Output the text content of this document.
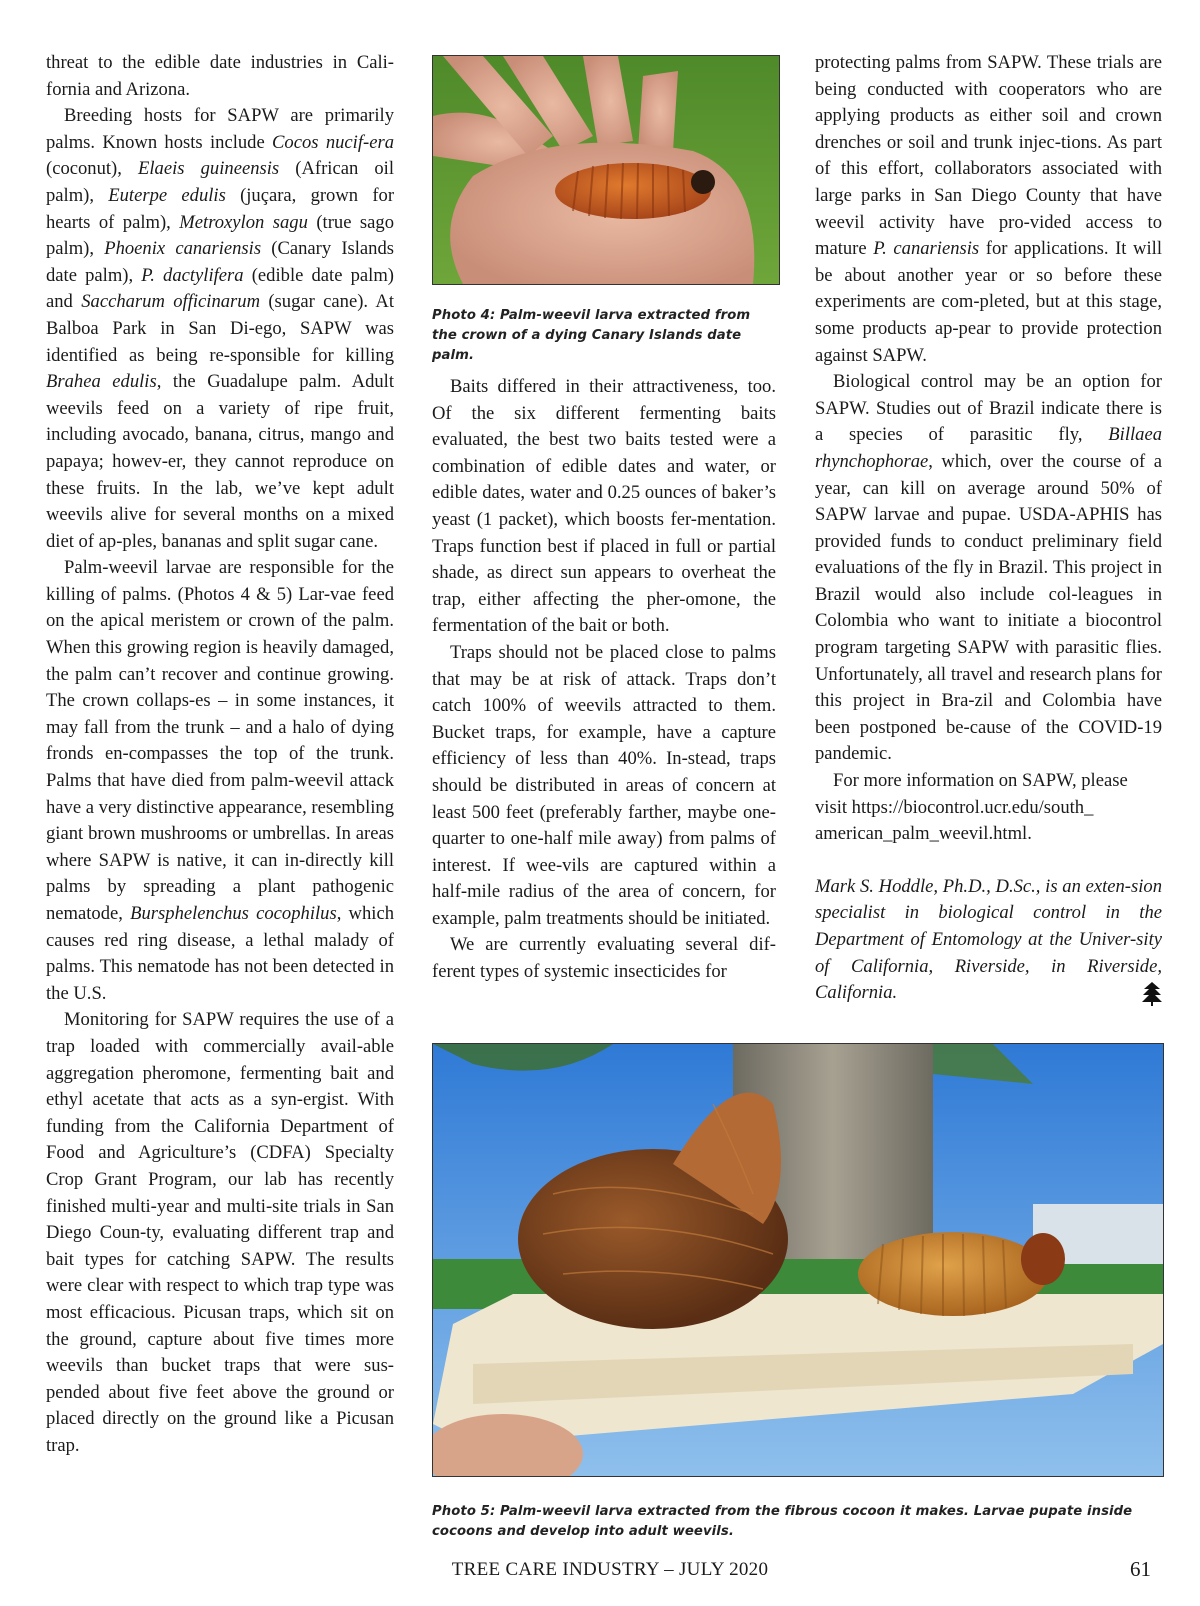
threat to the edible date industries in Cali-fornia and Arizona.

Breeding hosts for SAPW are primarily palms. Known hosts include Cocos nucif-era (coconut), Elaeis guineensis (African oil palm), Euterpe edulis (juçara, grown for hearts of palm), Metroxylon sagu (true sago palm), Phoenix canariensis (Canary Islands date palm), P. dactylifera (edible date palm) and Saccharum officinarum (sugar cane). At Balboa Park in San Di-ego, SAPW was identified as being re-sponsible for killing Brahea edulis, the Guadalupe palm. Adult weevils feed on a variety of ripe fruit, including avocado, banana, citrus, mango and papaya; howev-er, they cannot reproduce on these fruits. In the lab, we’ve kept adult weevils alive for several months on a mixed diet of ap-ples, bananas and split sugar cane.

Palm-weevil larvae are responsible for the killing of palms. (Photos 4 & 5) Lar-vae feed on the apical meristem or crown of the palm. When this growing region is heavily damaged, the palm can’t recover and continue growing. The crown collaps-es – in some instances, it may fall from the trunk – and a halo of dying fronds en-compasses the top of the trunk. Palms that have died from palm-weevil attack have a very distinctive appearance, resembling giant brown mushrooms or umbrellas. In areas where SAPW is native, it can in-directly kill palms by spreading a plant pathogenic nematode, Bursphelenchus cocophilus, which causes red ring disease, a lethal malady of palms. This nematode has not been detected in the U.S.

Monitoring for SAPW requires the use of a trap loaded with commercially avail-able aggregation pheromone, fermenting bait and ethyl acetate that acts as a syn-ergist. With funding from the California Department of Food and Agriculture’s (CDFA) Specialty Crop Grant Program, our lab has recently finished multi-year and multi-site trials in San Diego Coun-ty, evaluating different trap and bait types for catching SAPW. The results were clear with respect to which trap type was most efficacious. Picusan traps, which sit on the ground, capture about five times more weevils than bucket traps that were sus-pended about five feet above the ground or placed directly on the ground like a Picusan trap.

Photo 4: Palm-weevil larva extracted from the crown of a dying Canary Islands date palm.

Baits differed in their attractiveness, too. Of the six different fermenting baits evaluated, the best two baits tested were a combination of edible dates and water, or edible dates, water and 0.25 ounces of baker’s yeast (1 packet), which boosts fer-mentation. Traps function best if placed in full or partial shade, as direct sun appears to overheat the trap, either affecting the pher-omone, the fermentation of the bait or both.

Traps should not be placed close to palms that may be at risk of attack. Traps don’t catch 100% of weevils attracted to them. Bucket traps, for example, have a capture efficiency of less than 40%. In-stead, traps should be distributed in areas of concern at least 500 feet (preferably farther, maybe one-quarter to one-half mile away) from palms of interest. If wee-vils are captured within a half-mile radius of the area of concern, for example, palm treatments should be initiated.

We are currently evaluating several dif-ferent types of systemic insecticides for

protecting palms from SAPW. These trials are being conducted with cooperators who are applying products as either soil and crown drenches or soil and trunk injec-tions. As part of this effort, collaborators associated with large parks in San Diego County that have weevil activity have pro-vided access to mature P. canariensis for applications. It will be about another year or so before these experiments are com-pleted, but at this stage, some products ap-pear to provide protection against SAPW.

Biological control may be an option for SAPW. Studies out of Brazil indicate there is a species of parasitic fly, Billaea rhynchophorae, which, over the course of a year, can kill on average around 50% of SAPW larvae and pupae. USDA-APHIS has provided funds to conduct preliminary field evaluations of the fly in Brazil. This project in Brazil would also include col-leagues in Colombia who want to initiate a biocontrol program targeting SAPW with parasitic flies. Unfortunately, all travel and research plans for this project in Bra-zil and Colombia have been postponed be-cause of the COVID-19 pandemic.

For more information on SAPW, please visit https://biocontrol.ucr.edu/south_ american_palm_weevil.html.

Mark S. Hoddle, Ph.D., D.Sc., is an exten-sion specialist in biological control in the Department of Entomology at the Univer-sity of California, Riverside, in Riverside, California.

Photo 5: Palm-weevil larva extracted from the fibrous cocoon it makes. Larvae pupate inside cocoons and develop into adult weevils.
TREE CARE INDUSTRY – JULY 2020	61
